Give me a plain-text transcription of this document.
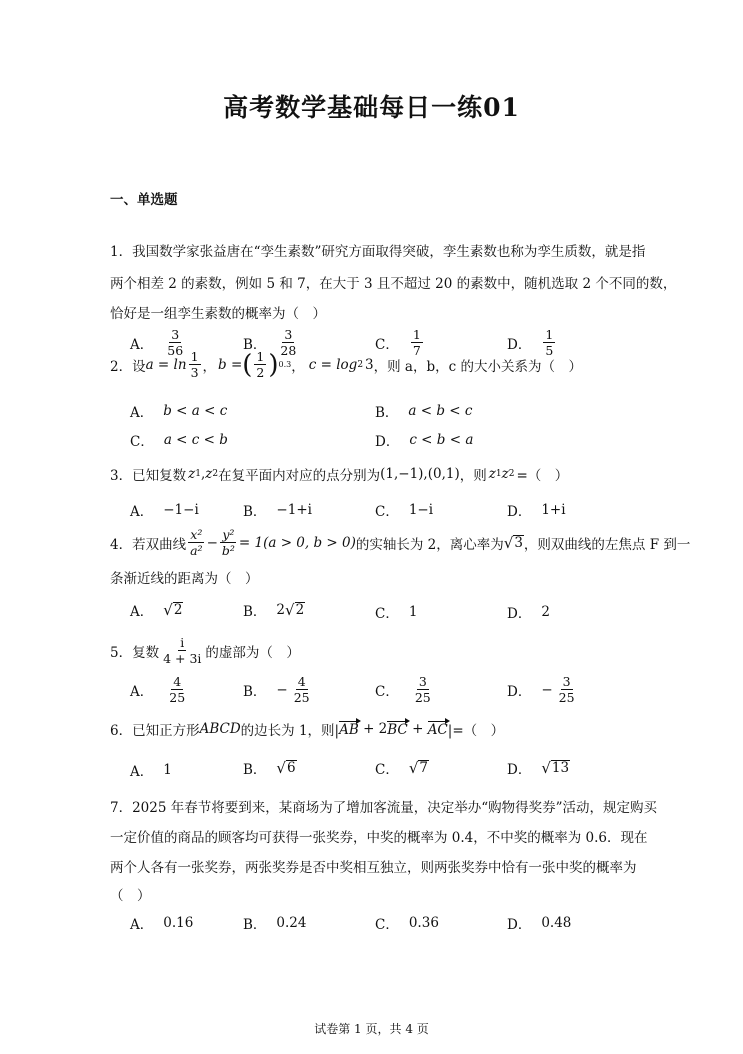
高考数学基础每日一练01
一、单选题
1．我国数学家张益唐在“孪生素数”研究方面取得突破，孪生素数也称为孪生质数，就是指
两个相差 2 的素数，例如 5 和 7，在大于 3 且不超过 20 的素数中，随机选取 2 个不同的数，
恰好是一组孪生素数的概率为（　）
A． $\frac{3}{56}$	B． $\frac{3}{28}$	C． $\frac{1}{7}$	D． $\frac{1}{5}$
2．设 $a = \ln \frac{1}{3}$ ， b = ( $\frac{1}{2}$ ) 0.3 ， c = log 2 3 ，则 a，b，c 的大小关系为（　）
A． b < a < c	B． a < b < c
C． a < c < b	D． c < b < a
3．已知复数 z 1 , z 2 在复平面内对应的点分别为 (1,−1),(0,1) ，则 z 1 z 2 =（　）
A． −1−i	B． −1+i	C． 1−i	D． 1+i
4．若双曲线 $\frac{\text{x²}}{\text{a²}} - \frac{\text{y²}}{\text{b²}} = 1(a > 0$, b > 0) 的实轴长为 2，离心率为 √ 3 ，则双曲线的左焦点 F 到一
条渐近线的距离为（　）
A． √ 2	B． 2 √ 2	C． 1	D． 2
5．复数 $\frac{i}{4 + 3i}$ 的虚部为（　）
A． $\frac{4}{25}$	B． − $\frac{4}{25}$	C． $\frac{3}{25}$	D． − $\frac{3}{25}$
6．已知正方形 ABCD 的边长为 1，则| AB + 2 BC + AC |=（　）
A． 1	B． √ 6	C． √ 7	D． √ 13
7．2025 年春节将要到来，某商场为了增加客流量，决定举办“购物得奖券”活动，规定购买
一定价值的商品的顾客均可获得一张奖券，中奖的概率为 0.4，不中奖的概率为 0.6．现在
两个人各有一张奖券，两张奖券是否中奖相互独立，则两张奖券中恰有一张中奖的概率为
（　）
A． 0.16	B． 0.24	C． 0.36	D． 0.48
试卷第 1 页，共 4 页
